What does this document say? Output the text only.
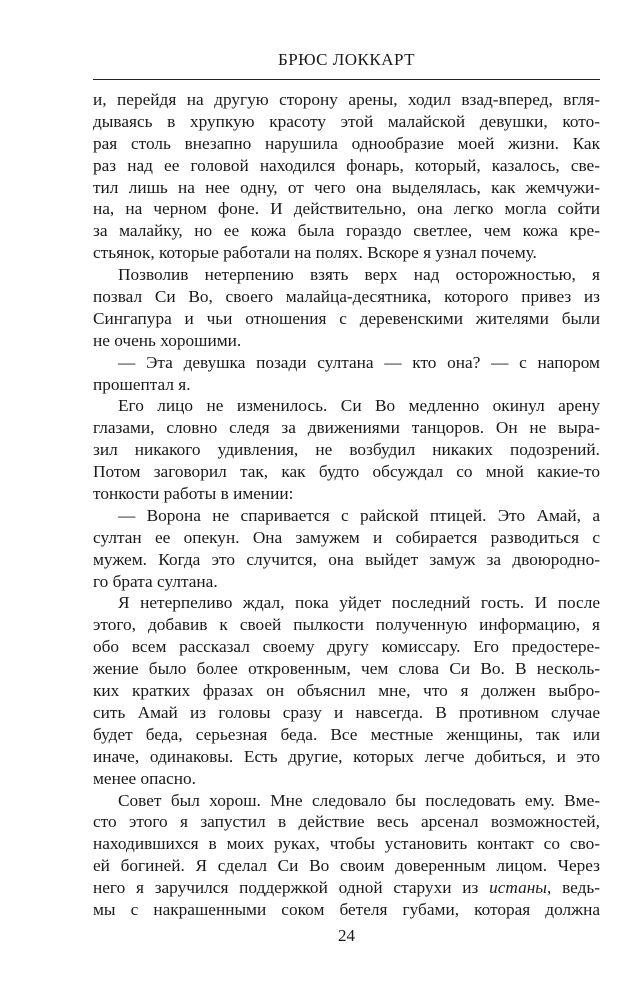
БРЮС ЛОККАРТ
и, перейдя на другую сторону арены, ходил взад-вперед, вгля-
дываясь в хрупкую красоту этой малайской девушки, кото-
рая столь внезапно нарушила однообразие моей жизни. Как
раз над ее головой находился фонарь, который, казалось, све-
тил лишь на нее одну, от чего она выделялась, как жемчужи-
на, на черном фоне. И действительно, она легко могла сойти
за малайку, но ее кожа была гораздо светлее, чем кожа кре-
стьянок, которые работали на полях. Вскоре я узнал почему.
Позволив нетерпению взять верх над осторожностью, я
позвал Си Во, своего малайца-десятника, которого привез из
Сингапура и чьи отношения с деревенскими жителями были
не очень хорошими.
— Эта девушка позади султана — кто она? — с напором
прошептал я.
Его лицо не изменилось. Си Во медленно окинул арену
глазами, словно следя за движениями танцоров. Он не выра-
зил никакого удивления, не возбудил никаких подозрений.
Потом заговорил так, как будто обсуждал со мной какие-то
тонкости работы в имении:
— Ворона не спаривается с райской птицей. Это Амай, а
султан ее опекун. Она замужем и собирается разводиться с
мужем. Когда это случится, она выйдет замуж за двоюродно-
го брата султана.
Я нетерпеливо ждал, пока уйдет последний гость. И после
этого, добавив к своей пылкости полученную информацию, я
обо всем рассказал своему другу комиссару. Его предостере-
жение было более откровенным, чем слова Си Во. В несколь-
ких кратких фразах он объяснил мне, что я должен выбро-
сить Амай из головы сразу и навсегда. В противном случае
будет беда, серьезная беда. Все местные женщины, так или
иначе, одинаковы. Есть другие, которых легче добиться, и это
менее опасно.
Совет был хорош. Мне следовало бы последовать ему. Вме-
сто этого я запустил в действие весь арсенал возможностей,
находившихся в моих руках, чтобы установить контакт со сво-
ей богиней. Я сделал Си Во своим доверенным лицом. Через
него я заручился поддержкой одной старухи из истаны, ведь-
мы с накрашенными соком бетеля губами, которая должна
24
